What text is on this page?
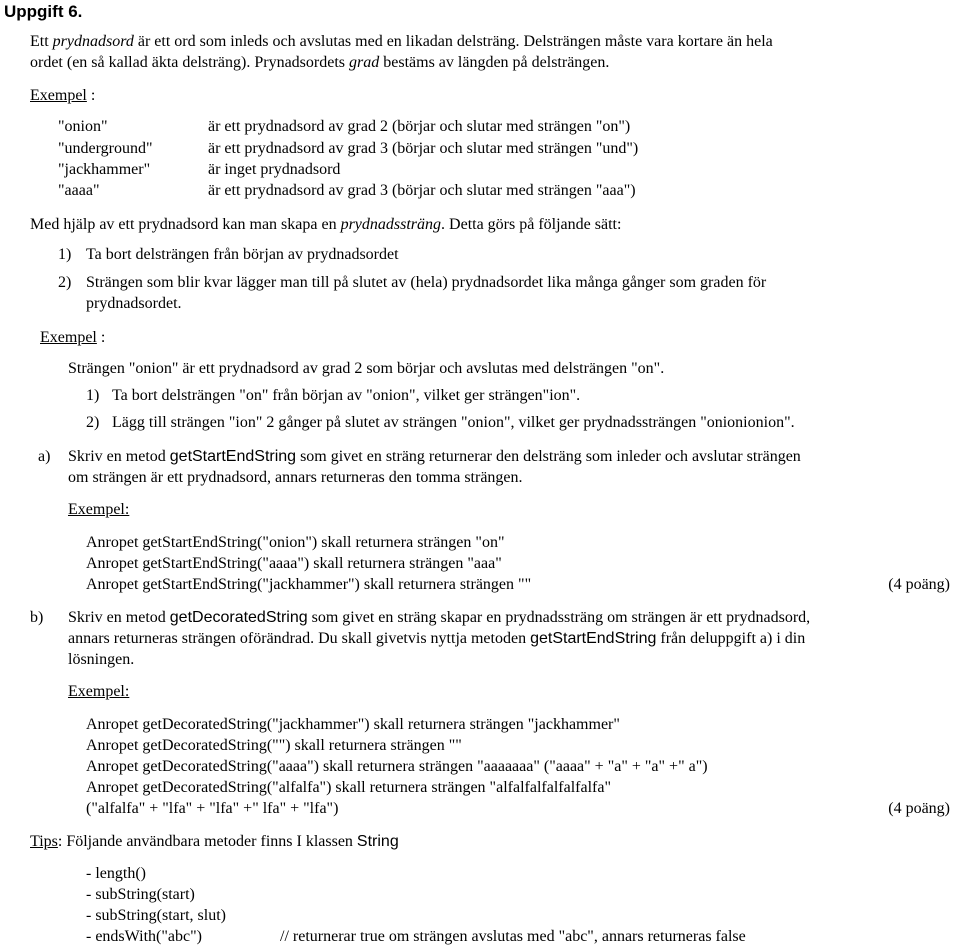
Uppgift 6.
Ett prydnadsord är ett ord som inleds och avslutas med en likadan delsträng. Delsträngen måste vara kortare än hela
ordet (en så kallad äkta delsträng). Prynadsordets grad bestäms av längden på delsträngen.
Exempel :
"onion"	är ett prydnadsord av grad 2 (börjar och slutar med strängen "on")
"underground"	är ett prydnadsord av grad 3 (börjar och slutar med strängen "und")
"jackhammer"	är inget prydnadsord
"aaaa"	är ett prydnadsord av grad 3 (börjar och slutar med strängen "aaa")
Med hjälp av ett prydnadsord kan man skapa en prydnadssträng. Detta görs på följande sätt:
1) Ta bort delsträngen från början av prydnadsordet
2) Strängen som blir kvar lägger man till på slutet av (hela) prydnadsordet lika många gånger som graden för
prydnadsordet.
Exempel :
Strängen "onion" är ett prydnadsord av grad 2 som börjar och avslutas med delsträngen "on".
1) Ta bort delsträngen "on" från början av "onion", vilket ger strängen"ion".
2) Lägg till strängen "ion" 2 gånger på slutet av strängen "onion", vilket ger prydnadssträngen "onionionion".
a) Skriv en metod getStartEndString som givet en sträng returnerar den delsträng som inleder och avslutar strängen
om strängen är ett prydnadsord, annars returneras den tomma strängen.
Exempel:
Anropet getStartEndString("onion") skall returnera strängen "on"
Anropet getStartEndString("aaaa") skall returnera strängen "aaa"
Anropet getStartEndString("jackhammer") skall returnera strängen ""	(4 poäng)
b) Skriv en metod getDecoratedString som givet en sträng skapar en prydnadssträng om strängen är ett prydnadsord,
annars returneras strängen oförändrad. Du skall givetvis nyttja metoden getStartEndString från deluppgift a) i din
lösningen.
Exempel:
Anropet getDecoratedString("jackhammer") skall returnera strängen "jackhammer"
Anropet getDecoratedString("") skall returnera strängen ""
Anropet getDecoratedString("aaaa") skall returnera strängen "aaaaaaa" ("aaaa" + "a" + "a" +" a")
Anropet getDecoratedString("alfalfa") skall returnera strängen "alfalfalfalfalfalfa"
("alfalfa" + "lfa" + "lfa" +" lfa" + "lfa")	(4 poäng)
Tips: Följande användbara metoder finns I klassen String
- length()
- subString(start)
- subString(start, slut)
- endsWith("abc")	// returnerar true om strängen avslutas med "abc", annars returneras false
